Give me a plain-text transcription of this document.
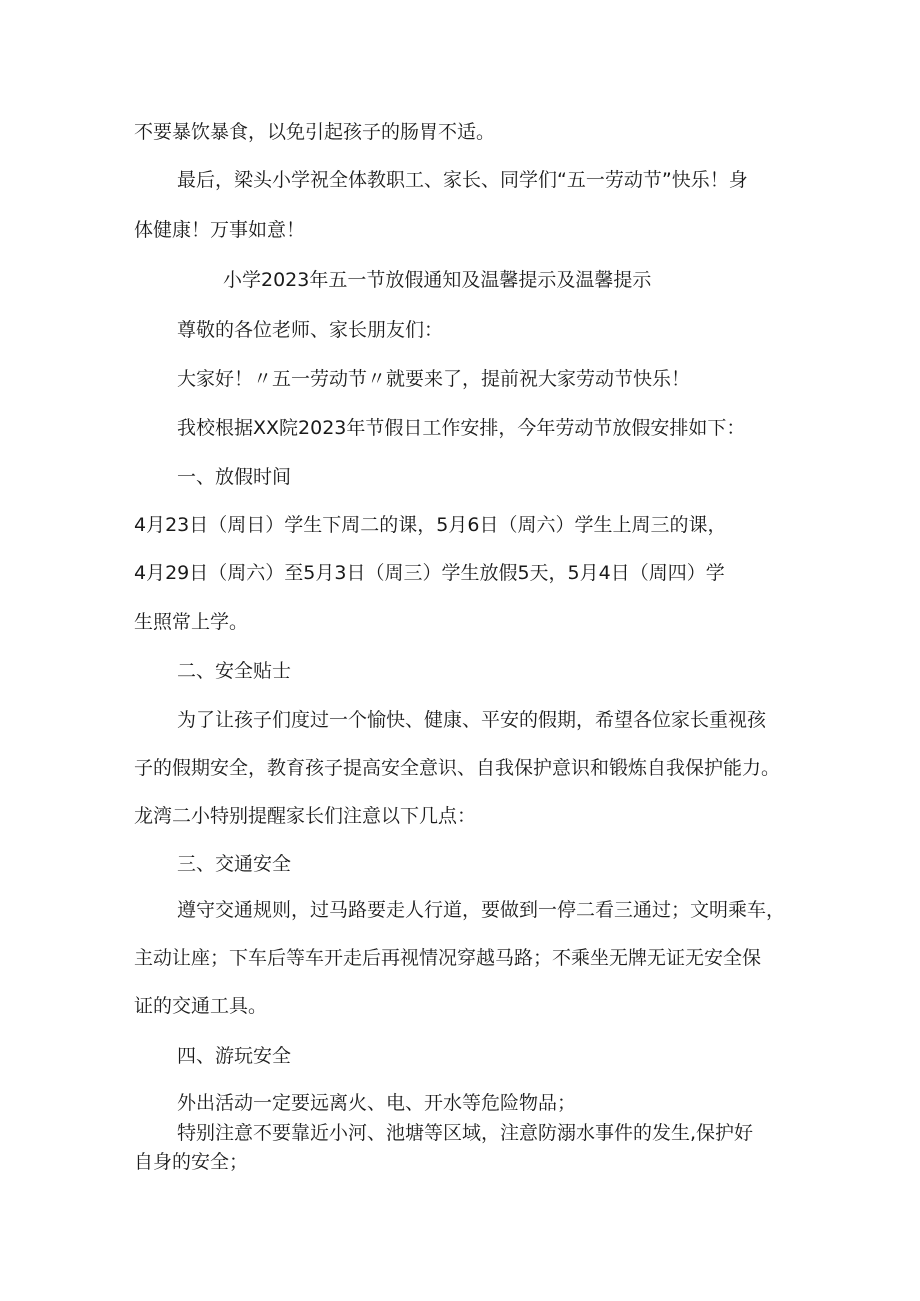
不要暴饮暴食，以免引起孩子的肠胃不适。

最后，梁头小学祝全体教职工、家长、同学们“五一劳动节”快乐！身

体健康！万事如意！

小学2023年五一节放假通知及温馨提示及温馨提示

尊敬的各位老师、家长朋友们：

大家好！〃五一劳动节〃就要来了，提前祝大家劳动节快乐！

我校根据XX院2023年节假日工作安排，今年劳动节放假安排如下：

一、放假时间

4月23日（周日）学生下周二的课，5月6日（周六）学生上周三的课，

4月29日（周六）至5月3日（周三）学生放假5天，5月4日（周四）学

生照常上学。

二、安全贴士

为了让孩子们度过一个愉快、健康、平安的假期，希望各位家长重视孩

子的假期安全，教育孩子提高安全意识、自我保护意识和锻炼自我保护能力。

龙湾二小特别提醒家长们注意以下几点：

三、交通安全

遵守交通规则，过马路要走人行道，要做到一停二看三通过；文明乘车，

主动让座；下车后等车开走后再视情况穿越马路；不乘坐无牌无证无安全保

证的交通工具。

四、游玩安全

外出活动一定要远离火、电、开水等危险物品；

特别注意不要靠近小河、池塘等区域，注意防溺水事件的发生,保护好

自身的安全；
